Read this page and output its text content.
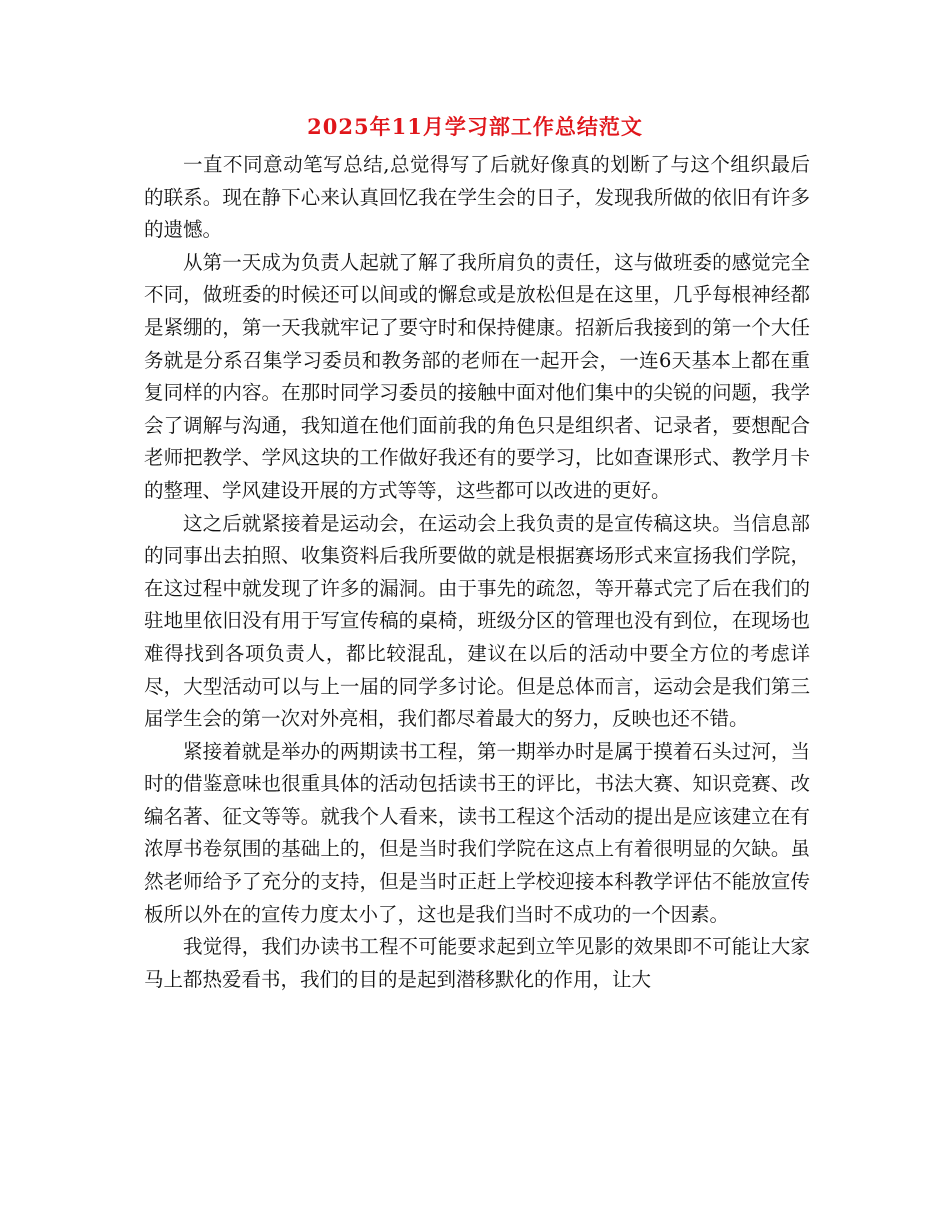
2025年11月学习部工作总结范文

一直不同意动笔写总结,总觉得写了后就好像真的划断了与这个组织最后的联系。现在静下心来认真回忆我在学生会的日子，发现我所做的依旧有许多的遗憾。

从第一天成为负责人起就了解了我所肩负的责任，这与做班委的感觉完全不同，做班委的时候还可以间或的懈怠或是放松但是在这里，几乎每根神经都是紧绷的，第一天我就牢记了要守时和保持健康。招新后我接到的第一个大任务就是分系召集学习委员和教务部的老师在一起开会，一连6天基本上都在重复同样的内容。在那时同学习委员的接触中面对他们集中的尖锐的问题，我学会了调解与沟通，我知道在他们面前我的角色只是组织者、记录者，要想配合老师把教学、学风这块的工作做好我还有的要学习，比如查课形式、教学月卡的整理、学风建设开展的方式等等，这些都可以改进的更好。

这之后就紧接着是运动会，在运动会上我负责的是宣传稿这块。当信息部的同事出去拍照、收集资料后我所要做的就是根据赛场形式来宣扬我们学院，在这过程中就发现了许多的漏洞。由于事先的疏忽，等开幕式完了后在我们的驻地里依旧没有用于写宣传稿的桌椅，班级分区的管理也没有到位，在现场也难得找到各项负责人，都比较混乱，建议在以后的活动中要全方位的考虑详尽，大型活动可以与上一届的同学多讨论。但是总体而言，运动会是我们第三届学生会的第一次对外亮相，我们都尽着最大的努力，反映也还不错。

紧接着就是举办的两期读书工程，第一期举办时是属于摸着石头过河，当时的借鉴意味也很重具体的活动包括读书王的评比，书法大赛、知识竞赛、改编名著、征文等等。就我个人看来，读书工程这个活动的提出是应该建立在有浓厚书卷氛围的基础上的，但是当时我们学院在这点上有着很明显的欠缺。虽然老师给予了充分的支持，但是当时正赶上学校迎接本科教学评估不能放宣传板所以外在的宣传力度太小了，这也是我们当时不成功的一个因素。

我觉得，我们办读书工程不可能要求起到立竿见影的效果即不可能让大家马上都热爱看书，我们的目的是起到潜移默化的作用，让大
